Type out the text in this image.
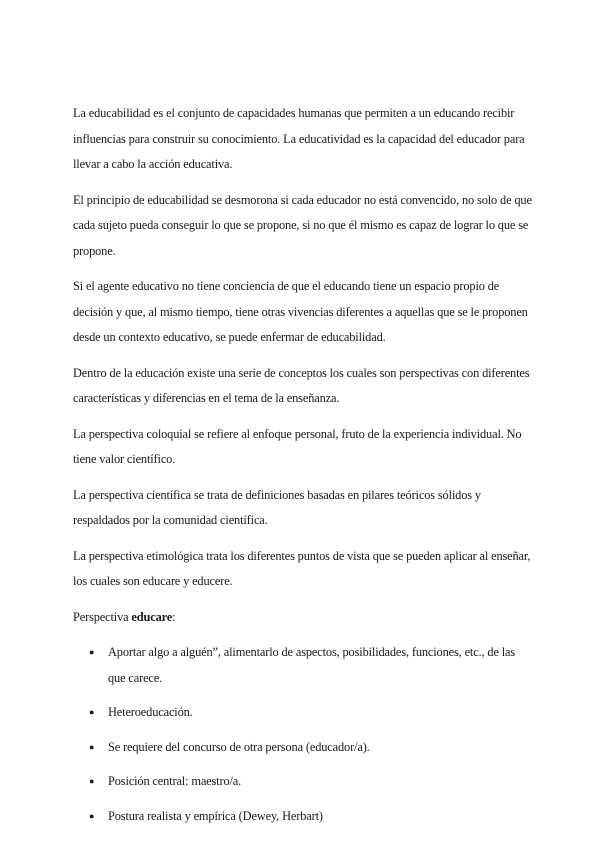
La educabilidad es el conjunto de capacidades humanas que permiten a un educando recibir influencias para construir su conocimiento. La educatividad es la capacidad del educador para llevar a cabo la acción educativa.

El principio de educabilidad se desmorona si cada educador no está convencido, no solo de que cada sujeto pueda conseguir lo que se propone, si no que él mismo es capaz de lograr lo que se propone.

Si el agente educativo no tiene conciencia de que el educando tiene un espacio propio de decisión y que, al mismo tiempo, tiene otras vivencias diferentes a aquellas que se le proponen desde un contexto educativo, se puede enfermar de educabilidad.

Dentro de la educación existe una serie de conceptos los cuales son perspectivas con diferentes características y diferencias en el tema de la enseñanza.

La perspectiva coloquial se refiere al enfoque personal, fruto de la experiencia individual. No tiene valor científico.

La perspectiva científica se trata de definiciones basadas en pilares teóricos sólidos y respaldados por la comunidad científica.

La perspectiva etimológica trata los diferentes puntos de vista que se pueden aplicar al enseñar, los cuales son educare y educere.

Perspectiva educare:

● Aportar algo a alguén”, alimentarlo de aspectos, posibilidades, funciones, etc., de las que carece.
● Heteroeducación.
● Se requiere del concurso de otra persona (educador/a).
● Posición central: maestro/a.
● Postura realista y empírica (Dewey, Herbart)
